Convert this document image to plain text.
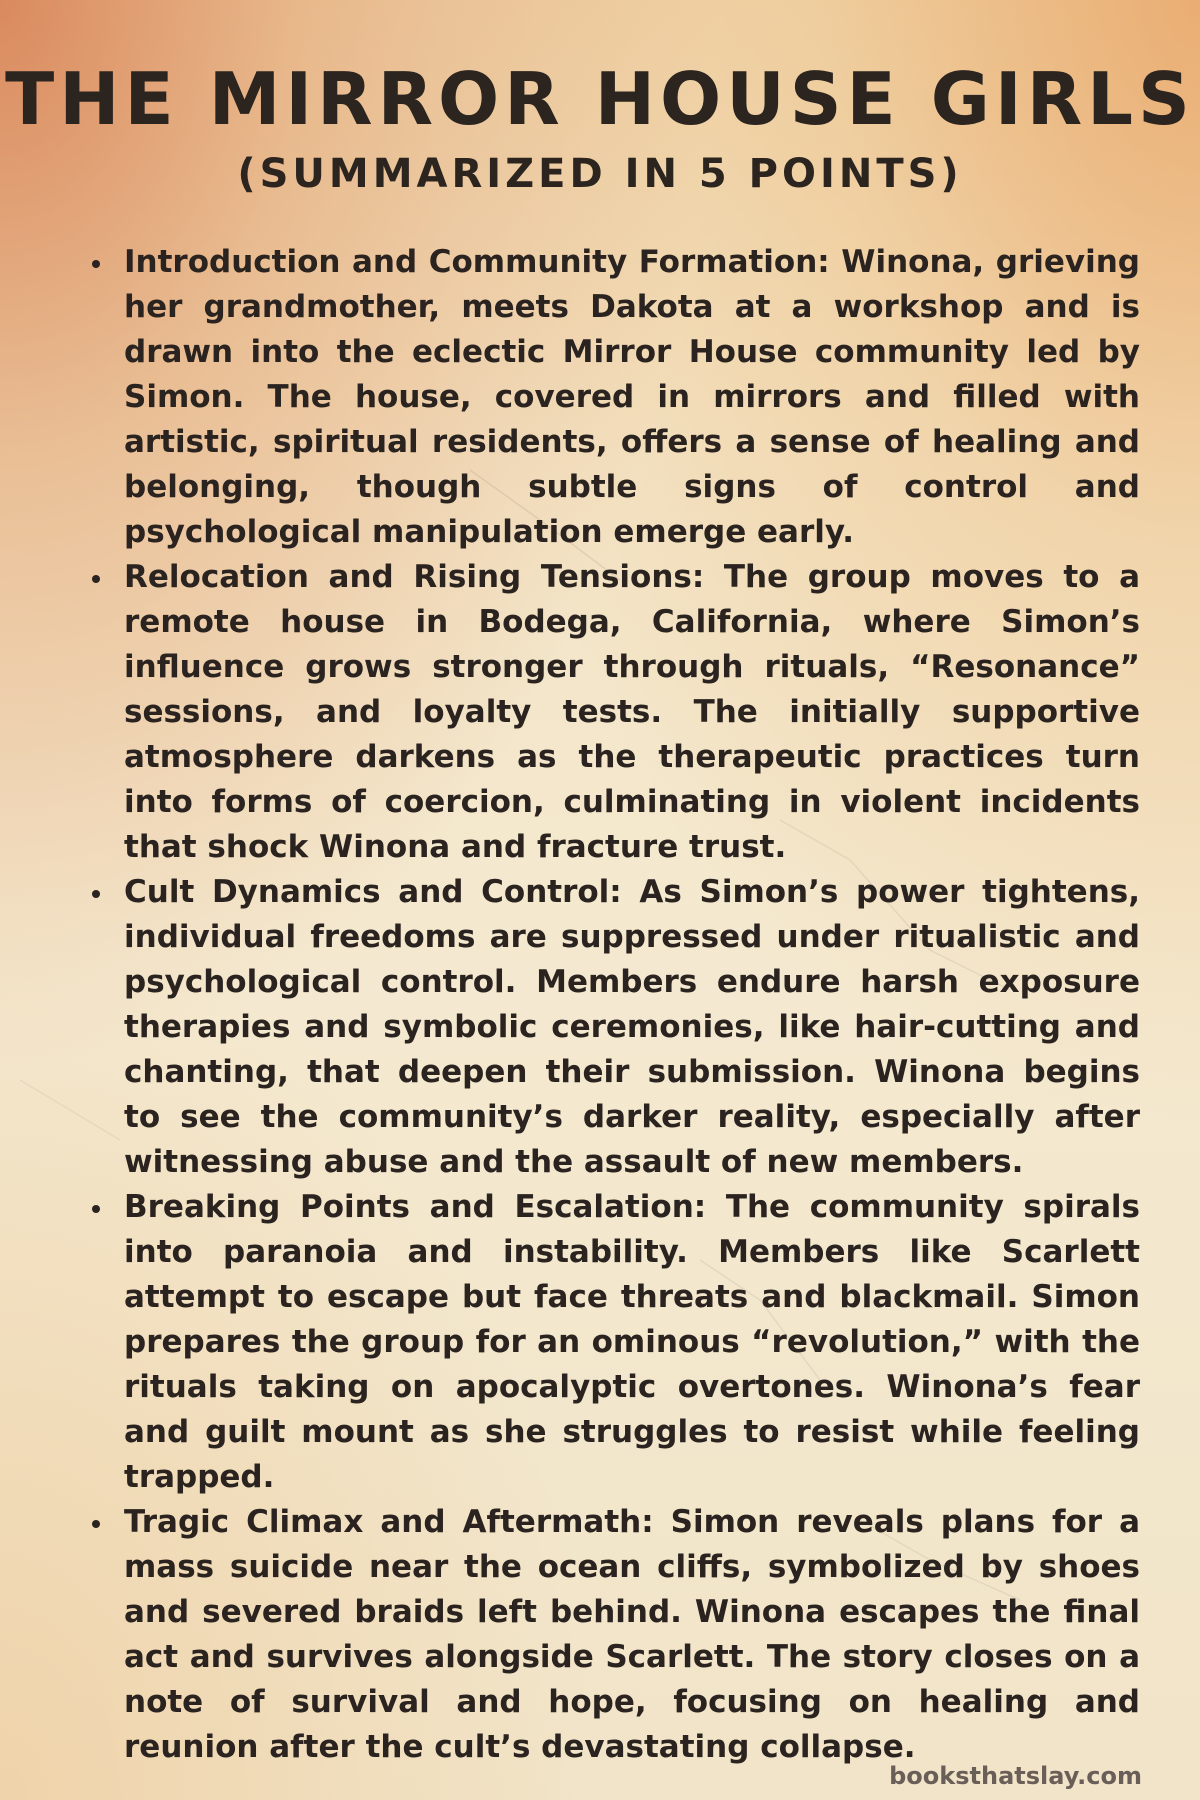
THE MIRROR HOUSE GIRLS
(SUMMARIZED IN 5 POINTS)
Introduction and Community Formation: Winona, grieving her grandmother, meets Dakota at a workshop and is drawn into the eclectic Mirror House community led by Simon. The house, covered in mirrors and filled with artistic, spiritual residents, offers a sense of healing and belonging, though subtle signs of control and psychological manipulation emerge early.
Relocation and Rising Tensions: The group moves to a remote house in Bodega, California, where Simon’s influence grows stronger through rituals, “Resonance” sessions, and loyalty tests. The initially supportive atmosphere darkens as the therapeutic practices turn into forms of coercion, culminating in violent incidents that shock Winona and fracture trust.
Cult Dynamics and Control: As Simon’s power tightens, individual freedoms are suppressed under ritualistic and psychological control. Members endure harsh exposure therapies and symbolic ceremonies, like hair-cutting and chanting, that deepen their submission. Winona begins to see the community’s darker reality, especially after witnessing abuse and the assault of new members.
Breaking Points and Escalation: The community spirals into paranoia and instability. Members like Scarlett attempt to escape but face threats and blackmail. Simon prepares the group for an ominous “revolution,” with the rituals taking on apocalyptic overtones. Winona’s fear and guilt mount as she struggles to resist while feeling trapped.
Tragic Climax and Aftermath: Simon reveals plans for a mass suicide near the ocean cliffs, symbolized by shoes and severed braids left behind. Winona escapes the final act and survives alongside Scarlett. The story closes on a note of survival and hope, focusing on healing and reunion after the cult’s devastating collapse.

booksthatslay.com
